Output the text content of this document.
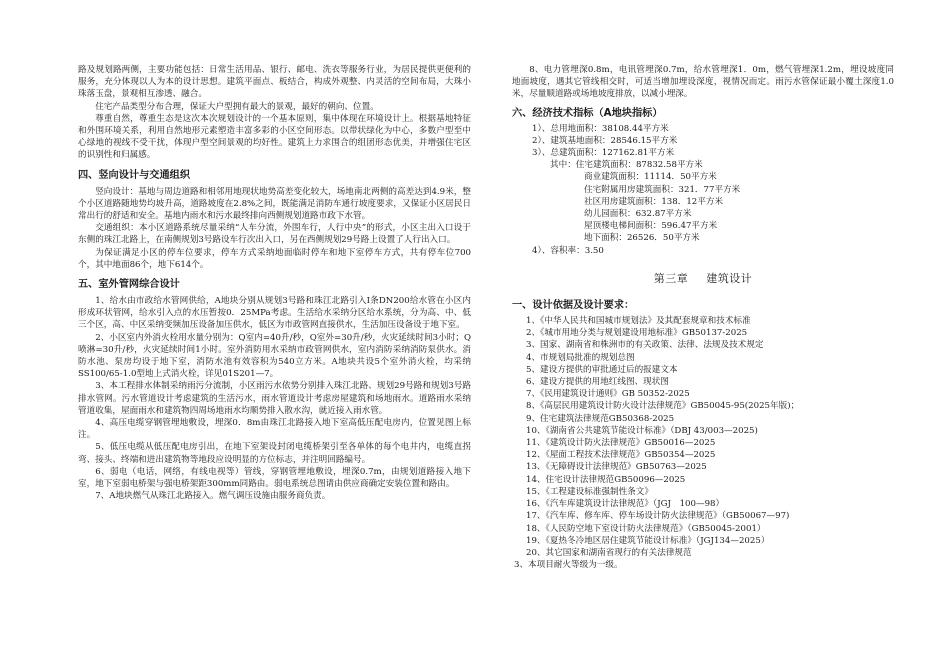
路及规划路两侧，主要功能包括：日常生活用品、银行、邮电、洗衣等服务行业，为居民提供更便利的服务，充分体现以人为本的设计思想。建筑平面点、板结合，构成外观整、内灵活的空间布局，大珠小珠落玉盘，景观相互渗透、融合。

住宅产品类型分布合理，保证大户型拥有最大的景观，最好的朝向、位置。

尊重自然，尊重生态是这次本次规划设计的一个基本原则，集中体现在环境设计上。根据基地特征和外围环境关系，利用自然地形元素塑造丰富多彩的小区空间形态。以带状绿化为中心，多数户型至中心绿地的视线不受干扰，体现户型空间景观的均好性。建筑上力求围合的组团形态优美，并增强住宅区的识别性和归属感。

四、竖向设计与交通组织

竖向设计：基地与周边道路和相邻用地现状地势高差变化较大，场地南北两侧的高差达到4.9米，整个小区道路随地势均坡升高，道路坡度在2.8%之间，既能满足消防车通行坡度要求，又保证小区居民日常出行的舒适和安全。基地内雨水和污水最终排向西侧规划道路市政下水管。

交通组织：本小区道路系统尽量采纳“人车分流，外围车行，人行中央”的形式，小区主出入口设于东侧的珠江北路上，在南侧规划3号路设车行次出入口，另在西侧规划29号路上设置了人行出入口。

为保证满足小区的停车位要求，停车方式采纳地面临时停车和地下室停车方式，共有停车位700个，其中地面86个，地下614个。

五、室外管网综合设计

1、给水由市政给水管网供给，A地块分别从规划3号路和珠江北路引入Ⅰ条DN200给水管在小区内形成环状管网，给水引入点的水压暂按0．25MPa考虑。生活给水采纳分区给水系统，分为高、中、低三个区，高、中区采纳变频加压设备加压供水，低区为市政管网直接供水，生活加压设备设于地下室。

2、小区室内外消火栓用水量分别为：Q室内=40升/秒，Q室外=30升/秒，火灾延续时间3小时；Q喷淋=30升/秒，火灾延续时间1小时。室外消防用水采纳市政管网供水，室内消防采纳消防泵供水。消防水池、泵房均设于地下室，消防水池有效容积为540立方米。A地块共设5个室外消火栓，均采纳SS100/65-1.0型地上式消火栓，详见01S201—7。

3、本工程排水体制采纳雨污分流制，小区雨污水依势分别排入珠江北路、规划29号路和规划3号路排水管网。污水管道设计考虑建筑的生活污水，雨水管道设计考虑房屋建筑和场地雨水。道路雨水采纳管道收集，屋面雨水和建筑物四周场地雨水均顺势排入散水沟，就近接入雨水管。

4、高压电缆穿钢管埋地敷设，埋深0．8m由珠江北路接入地下室高低压配电房内，位置见图上标注。

5、低压电缆从低压配电房引出，在地下室架设封闭电缆桥架引至各单体的每个电井内，电缆直拐弯、接头、终端和进出建筑物等地段应设明显的方位标志，并注明回路编号。

6、弱电（电话，网络，有线电视等）管线，穿钢管埋地敷设，埋深0.7m，由规划道路接入地下室，地下室弱电桥架与强电桥架距300mm同路由。弱电系统总图请由供应商确定安装位置和路由。

7、A地块燃气从珠江北路接入。燃气调压设施由服务商负责。

8、电力管埋深0.8m，电讯管埋深0.7m，给水管埋深1．0m，燃气管埋深1.2m，埋设坡度同地面坡度，遇其它管线相交时，可适当增加埋设深度，视情况而定。雨污水管保证最小覆土深度1.0米，尽量顺道路或场地坡度排放，以减小埋深。

六、经济技术指标（A地块指标）
1）、总用地面积：38108.44平方米
2）、建筑基地面积：28546.15平方米
3）、总建筑面积：127162.81平方米
其中：住宅建筑面积：87832.58平方米
商业建筑面积：11114．50平方米
住宅附属用房建筑面积：321．77平方米
社区用房建筑面积：138．12平方米
幼儿园面积：632.87平方米
屋顶楼电梯间面积：596.47平方米
地下面积：26526．50平方米
4）、容积率：3.50
第三章 建筑设计
一、设计依据及设计要求：
1、《中华人民共和国城市规划法》及其配套规章和技术标准
2、《城市用地分类与规划建设用地标准》GB50137-2025
3、国家、湖南省和株洲市的有关政策、法律、法规及技术规定
4、市规划局批准的规划总图
5、建设方提供的审批通过后的报建文本
6、建设方提供的用地红线图、现状图
7、《民用建筑设计通则》GB 50352-2025
8、《高层民用建筑设计防火设计法律规范》GB50045-95(2025年版)；
9、住宅建筑法律规范GB50368-2025
10、《湖南省公共建筑节能设计标准》（DBJ 43/003—2025)
11、《建筑设计防火法律规范》GB50016—2025
12、《屋面工程技术法律规范》GB50354—2025
13、《无障碍设计法律规范》GB50763—2025
14、住宅设计法律规范GB50096—2025
15、《工程建设标准强制性条文》
16、《汽车库建筑设计法律规范》（JGJ　100—98）
17、《汽车库、修车库、停车场设计防火法律规范》（GB50067—97)
18、《人民防空地下室设计防火法律规范》（GB50045-2001）
19、《夏热冬冷地区居住建筑节能设计标准》（JGJ134—2025）
20、其它国家和湖南省现行的有关法律规范
3、本项目耐火等级为一级。
